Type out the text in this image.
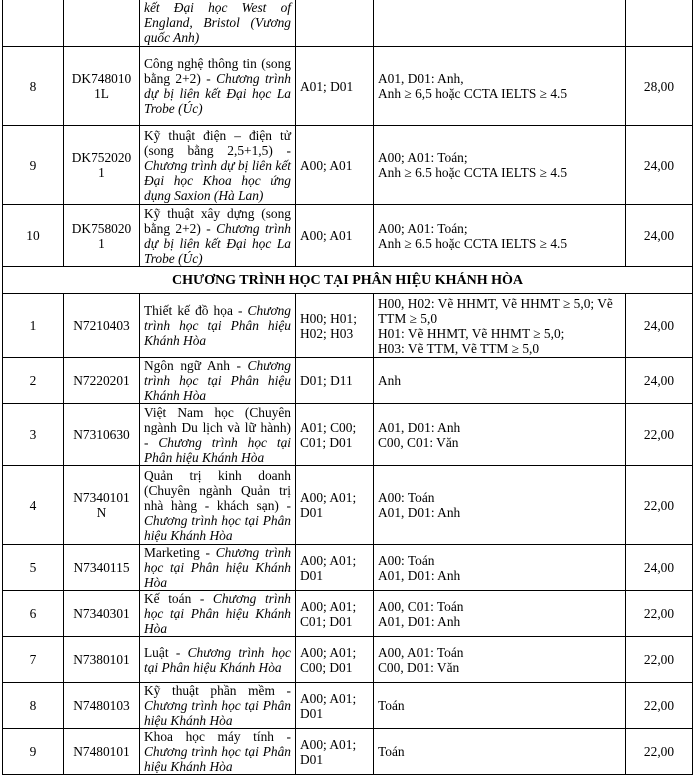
		kết Đại học West of England, Bristol (Vương quốc Anh)			
8	DK748010 1L	Công nghệ thông tin (song bằng 2+2) - Chương trình dự bị liên kết Đại học La Trobe (Úc)	A01; D01	A01, D01: Anh,
Anh ≥ 6,5 hoặc CCTA IELTS ≥ 4.5	28,00
9	DK752020 1	Kỹ thuật điện – điện tử (song bằng 2,5+1,5) - Chương trình dự bị liên kết Đại học Khoa học ứng dụng Saxion (Hà Lan)	A00; A01	A00; A01: Toán;
Anh ≥ 6.5 hoặc CCTA IELTS ≥ 4.5	24,00
10	DK758020 1	Kỹ thuật xây dựng (song bằng 2+2) - Chương trình dự bị liên kết Đại học La Trobe (Úc)	A00; A01	A00; A01: Toán;
Anh ≥ 6.5 hoặc CCTA IELTS ≥ 4.5	24,00
CHƯƠNG TRÌNH HỌC TẠI PHÂN HIỆU KHÁNH HÒA					
1	N7210403	Thiết kế đồ họa - Chương trình học tại Phân hiệu Khánh Hòa	H00; H01; H02; H03	H00, H02: Vẽ HHMT, Vẽ HHMT ≥ 5,0; Vẽ TTM ≥ 5,0
H01: Vẽ HHMT, Vẽ HHMT ≥ 5,0;
H03: Vẽ TTM, Vẽ TTM ≥ 5,0	24,00
2	N7220201	Ngôn ngữ Anh - Chương trình học tại Phân hiệu Khánh Hòa	D01; D11	Anh	24,00
3	N7310630	Việt Nam học (Chuyên ngành Du lịch và lữ hành) - Chương trình học tại Phân hiệu Khánh Hòa	A01; C00; C01; D01	A01, D01: Anh
C00, C01: Văn	22,00
4	N7340101 N	Quản trị kinh doanh (Chuyên ngành Quản trị nhà hàng - khách sạn) - Chương trình học tại Phân hiệu Khánh Hòa	A00; A01; D01	A00: Toán
A01, D01: Anh	22,00
5	N7340115	Marketing - Chương trình học tại Phân hiệu Khánh Hòa	A00; A01; D01	A00: Toán
A01, D01: Anh	24,00
6	N7340301	Kế toán - Chương trình học tại Phân hiệu Khánh Hòa	A00; A01; C01; D01	A00, C01: Toán
A01, D01: Anh	22,00
7	N7380101	Luật - Chương trình học tại Phân hiệu Khánh Hòa	A00; A01; C00; D01	A00, A01: Toán
C00, D01: Văn	22,00
8	N7480103	Kỹ thuật phần mềm - Chương trình học tại Phân hiệu Khánh Hòa	A00; A01; D01	Toán	22,00
9	N7480101	Khoa học máy tính - Chương trình học tại Phân hiệu Khánh Hòa	A00; A01; D01	Toán	22,00
